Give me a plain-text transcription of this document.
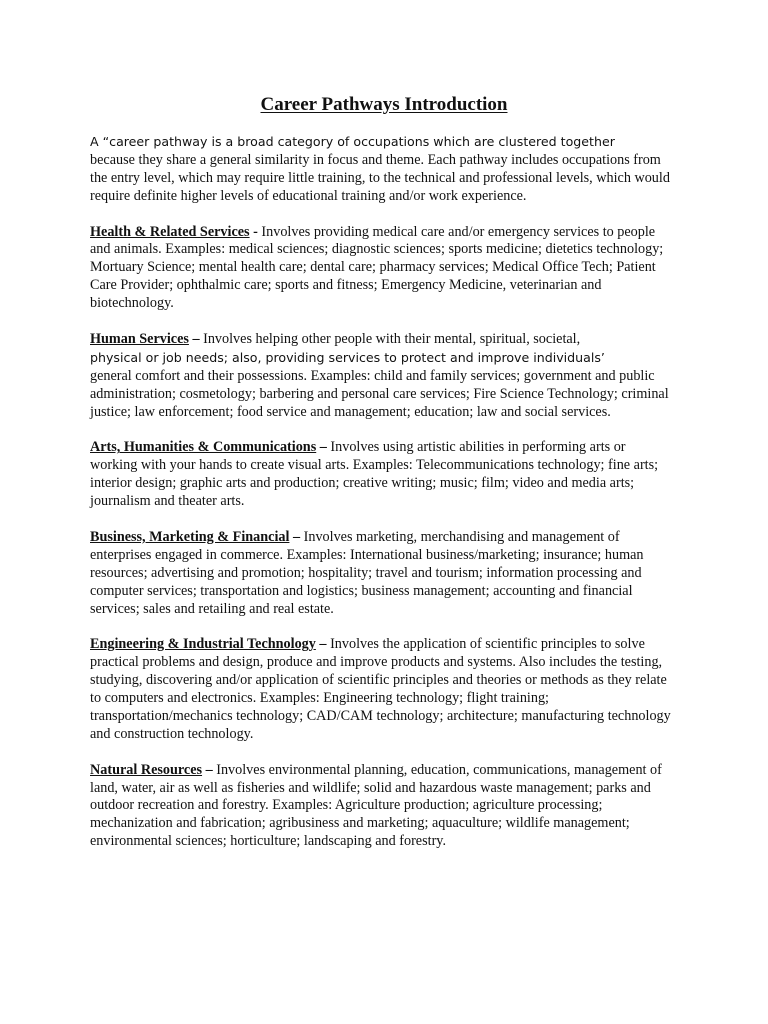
Career Pathways Introduction

A “career pathway is a broad category of occupations which are clustered together
because they share a general similarity in focus and theme. Each pathway includes occupations from the entry level, which may require little training, to the technical and professional levels, which would require definite higher levels of educational training and/or work experience.

Health & Related Services - Involves providing medical care and/or emergency services to people and animals. Examples: medical sciences; diagnostic sciences; sports medicine; dietetics technology; Mortuary Science; mental health care; dental care; pharmacy services; Medical Office Tech; Patient Care Provider; ophthalmic care; sports and fitness; Emergency Medicine, veterinarian and biotechnology.

Human Services – Involves helping other people with their mental, spiritual, societal,
physical or job needs; also, providing services to protect and improve individuals’
general comfort and their possessions. Examples: child and family services; government and public administration; cosmetology; barbering and personal care services; Fire Science Technology; criminal justice; law enforcement; food service and management; education; law and social services.

Arts, Humanities & Communications – Involves using artistic abilities in performing arts or working with your hands to create visual arts. Examples: Telecommunications technology; fine arts; interior design; graphic arts and production; creative writing; music; film; video and media arts; journalism and theater arts.

Business, Marketing & Financial – Involves marketing, merchandising and management of enterprises engaged in commerce. Examples: International business/marketing; insurance; human resources; advertising and promotion; hospitality; travel and tourism; information processing and computer services; transportation and logistics; business management; accounting and financial services; sales and retailing and real estate.

Engineering & Industrial Technology – Involves the application of scientific principles to solve practical problems and design, produce and improve products and systems. Also includes the testing, studying, discovering and/or application of scientific principles and theories or methods as they relate to computers and electronics. Examples: Engineering technology; flight training; transportation/mechanics technology; CAD/CAM technology; architecture; manufacturing technology and construction technology.

Natural Resources – Involves environmental planning, education, communications, management of land, water, air as well as fisheries and wildlife; solid and hazardous waste management; parks and outdoor recreation and forestry. Examples: Agriculture production; agriculture processing; mechanization and fabrication; agribusiness and marketing; aquaculture; wildlife management; environmental sciences; horticulture; landscaping and forestry.
